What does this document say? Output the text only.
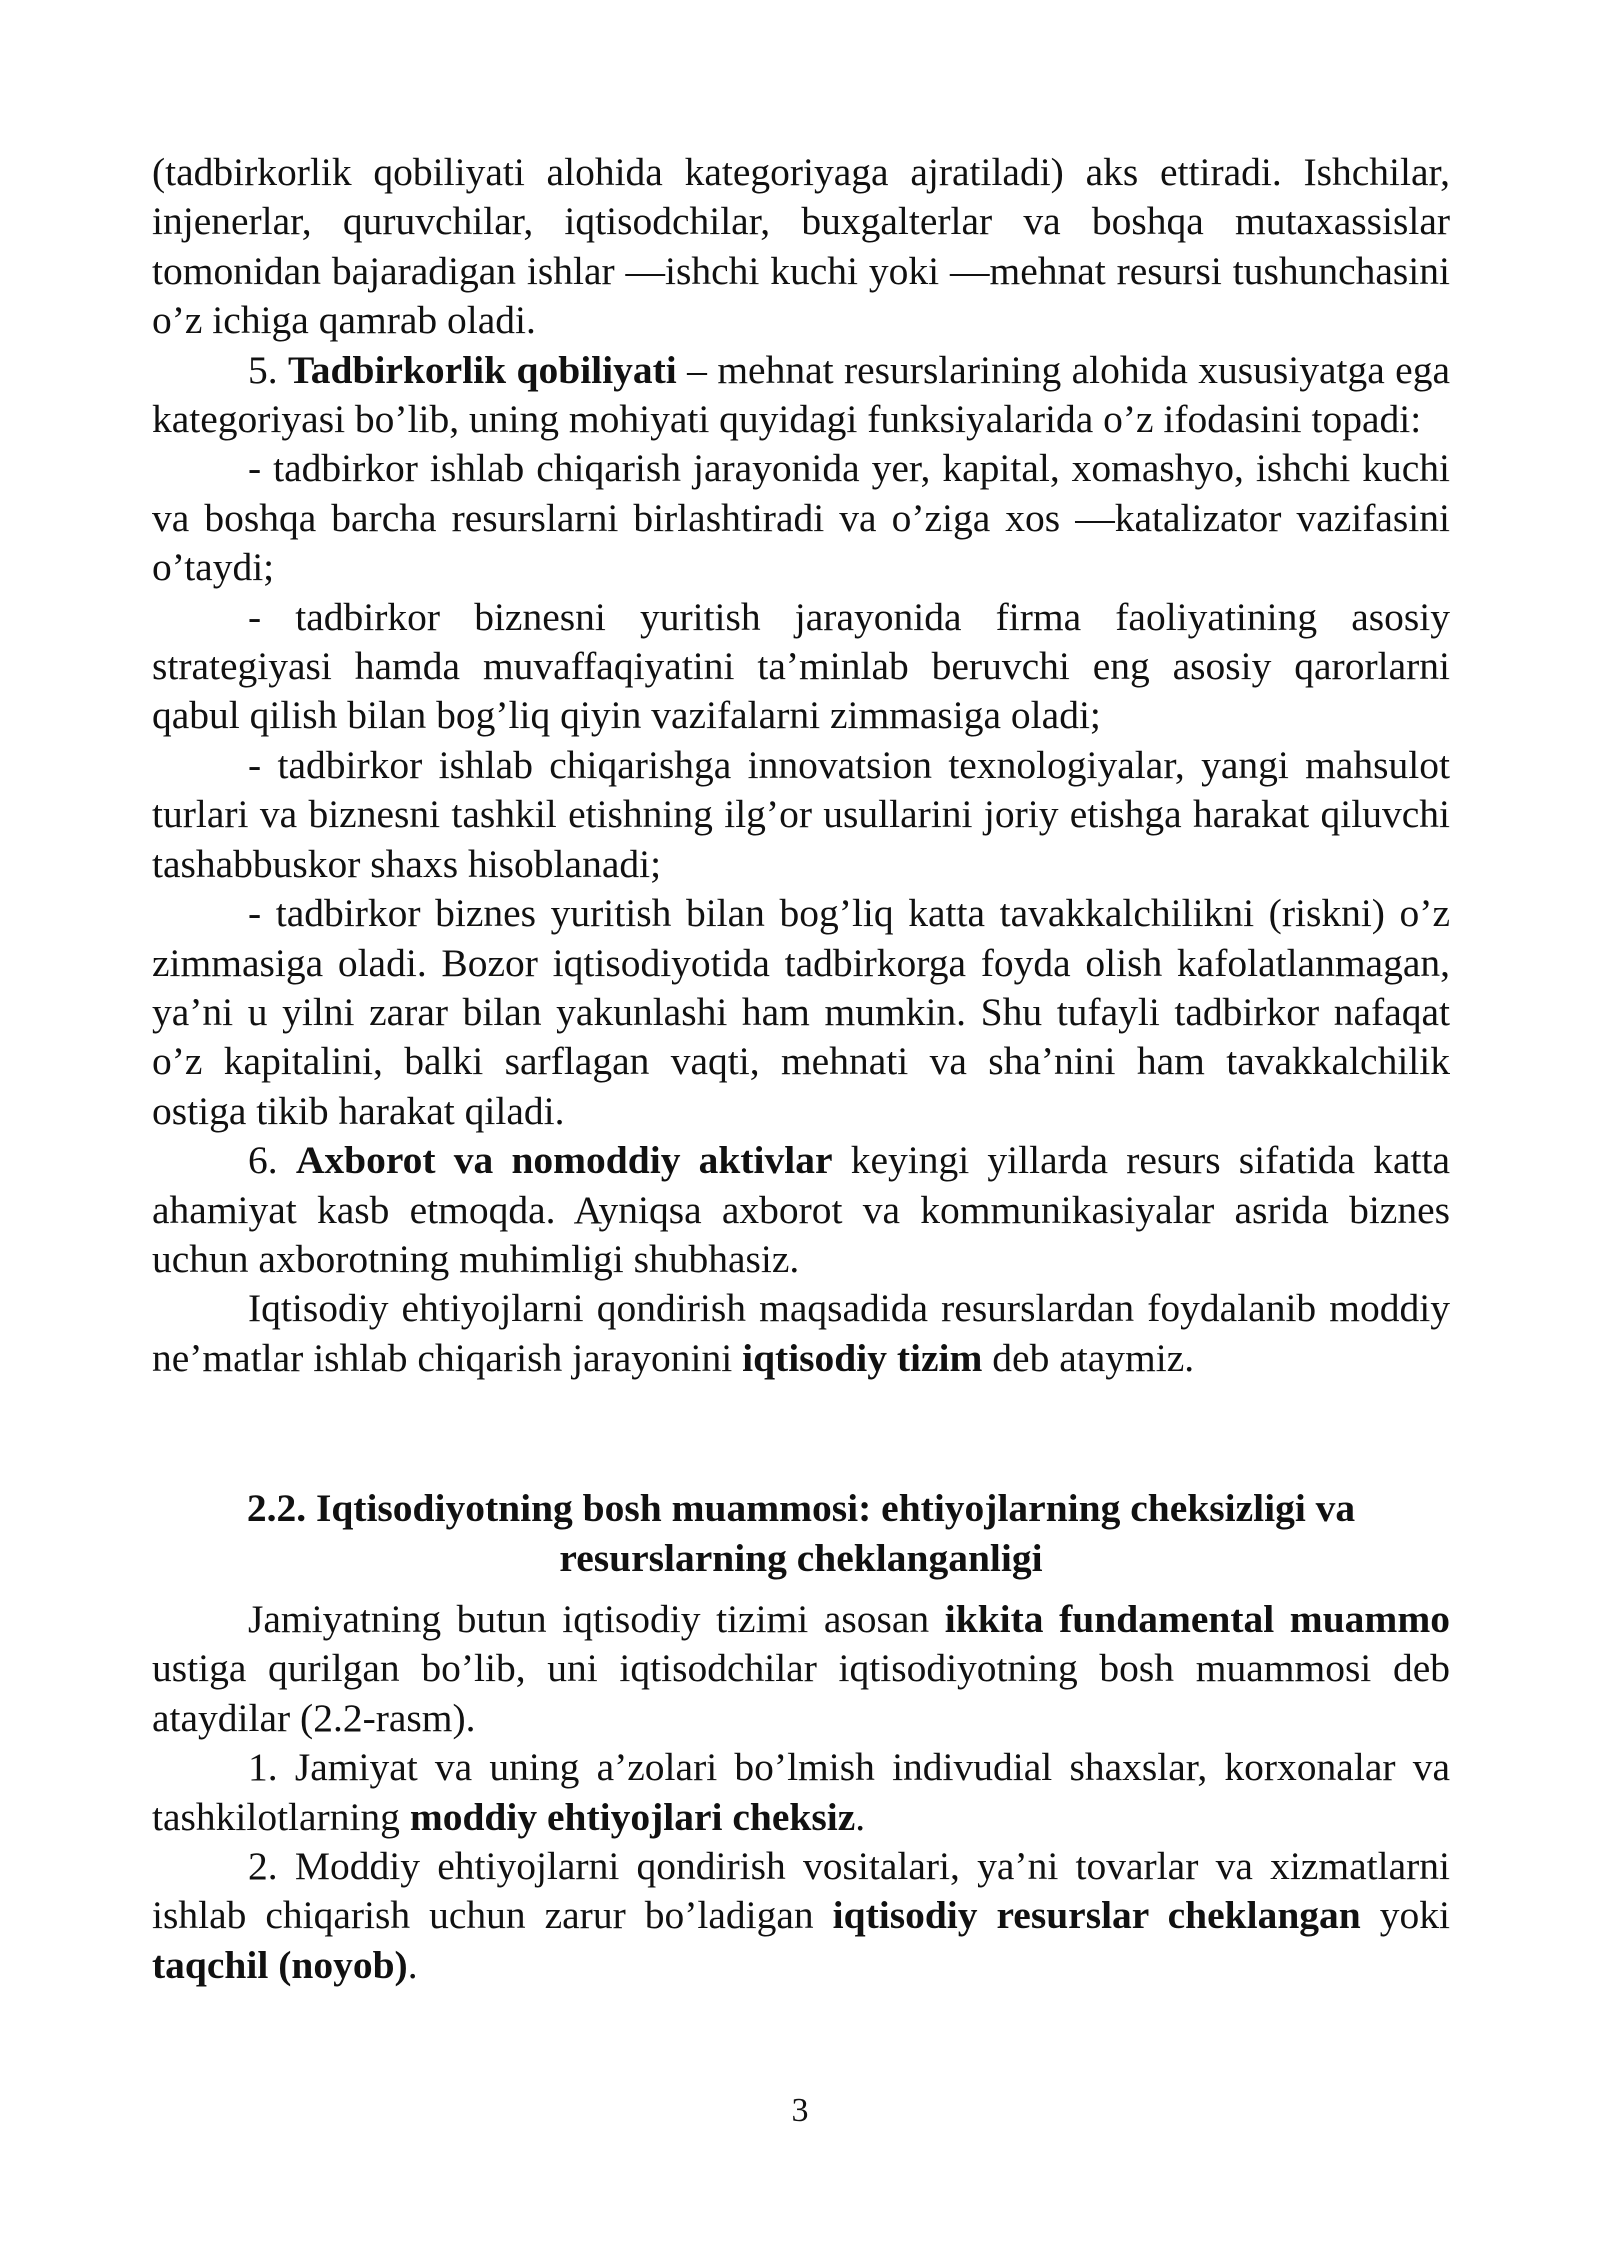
(tadbirkorlik qobiliyati alohida kategoriyaga ajratiladi) aks ettiradi. Ishchilar, injenerlar, quruvchilar, iqtisodchilar, buxgalterlar va boshqa mutaxassislar tomonidan bajaradigan ishlar —ishchi kuchi yoki —mehnat resursi tushunchasini o’z ichiga qamrab oladi.

5. Tadbirkorlik qobiliyati – mehnat resurslarining alohida xususiyatga ega kategoriyasi bo’lib, uning mohiyati quyidagi funksiyalarida o’z ifodasini topadi:

- tadbirkor ishlab chiqarish jarayonida yer, kapital, xomashyo, ishchi kuchi va boshqa barcha resurslarni birlashtiradi va o’ziga xos —katalizator vazifasini o’taydi;

- tadbirkor biznesni yuritish jarayonida firma faoliyatining asosiy strategiyasi hamda muvaffaqiyatini taʼminlab beruvchi eng asosiy qarorlarni qabul qilish bilan bog’liq qiyin vazifalarni zimmasiga oladi;

- tadbirkor ishlab chiqarishga innovatsion texnologiyalar, yangi mahsulot turlari va biznesni tashkil etishning ilg’or usullarini joriy etishga harakat qiluvchi tashabbuskor shaxs hisoblanadi;

- tadbirkor biznes yuritish bilan bog’liq katta tavakkalchilikni (riskni) o’z zimmasiga oladi. Bozor iqtisodiyotida tadbirkorga foyda olish kafolatlanmagan, yaʼni u yilni zarar bilan yakunlashi ham mumkin. Shu tufayli tadbirkor nafaqat o’z kapitalini, balki sarflagan vaqti, mehnati va shaʼnini ham tavakkalchilik ostiga tikib harakat qiladi.

6. Axborot va nomoddiy aktivlar keyingi yillarda resurs sifatida katta ahamiyat kasb etmoqda. Ayniqsa axborot va kommunikasiyalar asrida biznes uchun axborotning muhimligi shubhasiz.

Iqtisodiy ehtiyojlarni qondirish maqsadida resurslardan foydalanib moddiy neʼmatlar ishlab chiqarish jarayonini iqtisodiy tizim deb ataymiz.

2.2. Iqtisodiyotning bosh muammosi: ehtiyojlarning cheksizligi va resurslarning cheklanganligi

Jamiyatning butun iqtisodiy tizimi asosan ikkita fundamental muammo ustiga qurilgan bo’lib, uni iqtisodchilar iqtisodiyotning bosh muammosi deb ataydilar (2.2-rasm).

1. Jamiyat va uning a’zolari bo’lmish indivudial shaxslar, korxonalar va tashkilotlarning moddiy ehtiyojlari cheksiz.

2. Moddiy ehtiyojlarni qondirish vositalari, yaʼni tovarlar va xizmatlarni ishlab chiqarish uchun zarur bo’ladigan iqtisodiy resurslar cheklangan yoki taqchil (noyob).

3
